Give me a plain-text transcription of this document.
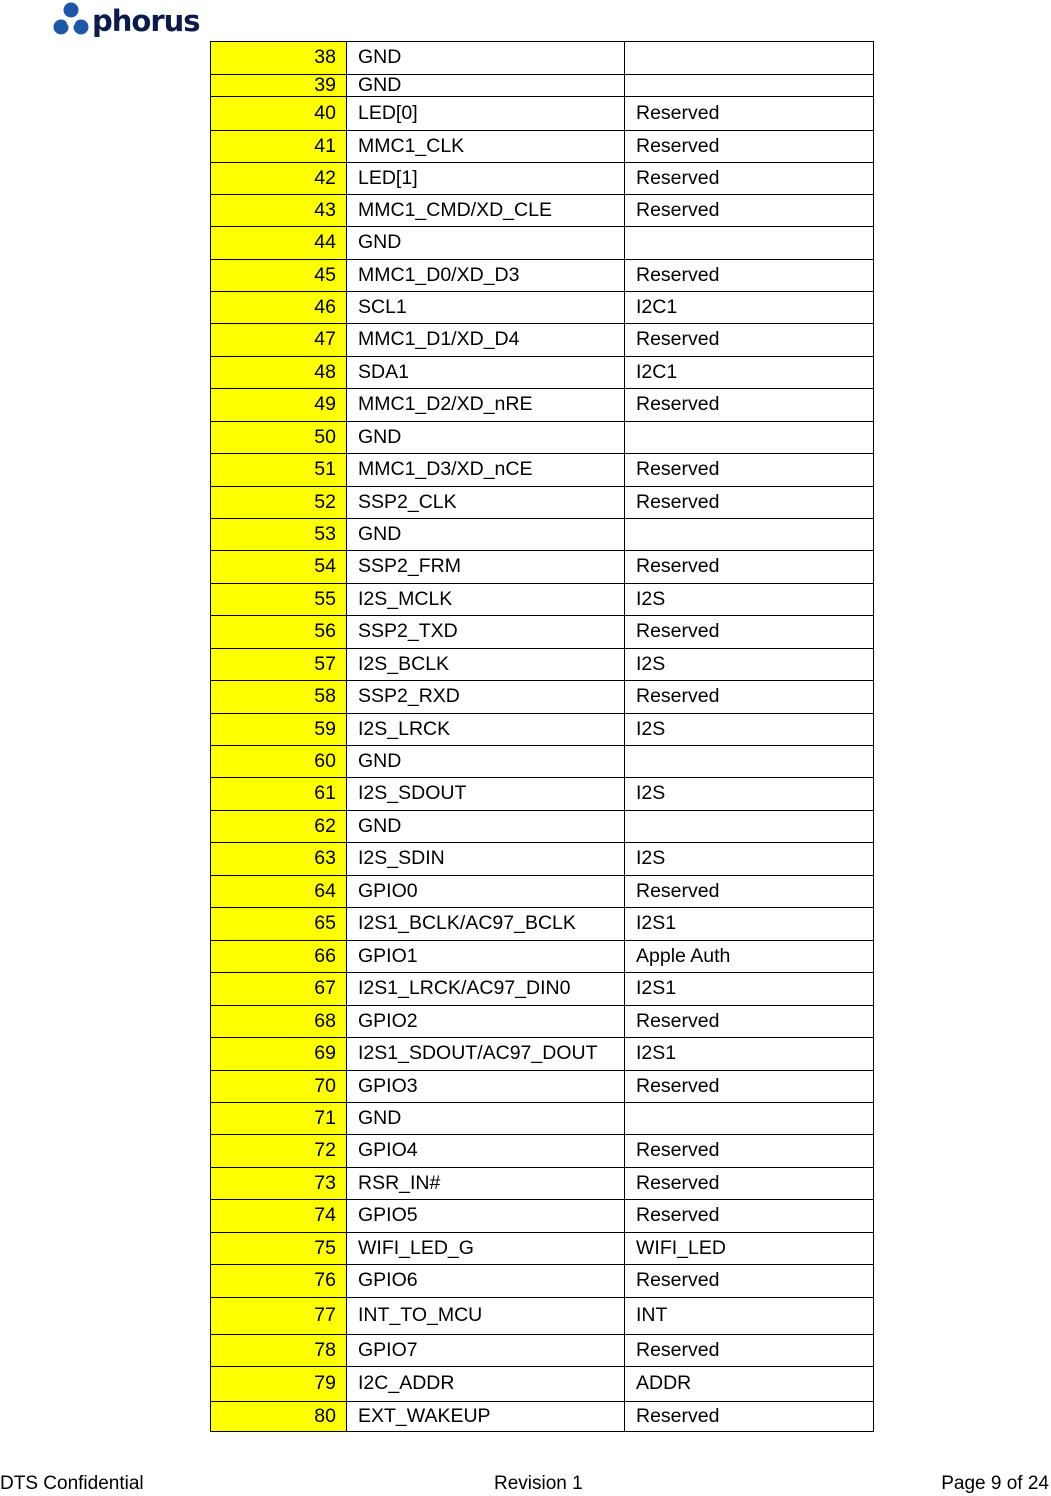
phorus
38	GND	
39	GND	
40	LED[0]	Reserved
41	MMC1_CLK	Reserved
42	LED[1]	Reserved
43	MMC1_CMD/XD_CLE	Reserved
44	GND	
45	MMC1_D0/XD_D3	Reserved
46	SCL1	I2C1
47	MMC1_D1/XD_D4	Reserved
48	SDA1	I2C1
49	MMC1_D2/XD_nRE	Reserved
50	GND	
51	MMC1_D3/XD_nCE	Reserved
52	SSP2_CLK	Reserved
53	GND	
54	SSP2_FRM	Reserved
55	I2S_MCLK	I2S
56	SSP2_TXD	Reserved
57	I2S_BCLK	I2S
58	SSP2_RXD	Reserved
59	I2S_LRCK	I2S
60	GND	
61	I2S_SDOUT	I2S
62	GND	
63	I2S_SDIN	I2S
64	GPIO0	Reserved
65	I2S1_BCLK/AC97_BCLK	I2S1
66	GPIO1	Apple Auth
67	I2S1_LRCK/AC97_DIN0	I2S1
68	GPIO2	Reserved
69	I2S1_SDOUT/AC97_DOUT	I2S1
70	GPIO3	Reserved
71	GND	
72	GPIO4	Reserved
73	RSR_IN#	Reserved
74	GPIO5	Reserved
75	WIFI_LED_G	WIFI_LED
76	GPIO6	Reserved
77	INT_TO_MCU	INT
78	GPIO7	Reserved
79	I2C_ADDR	ADDR
80	EXT_WAKEUP	Reserved
DTS Confidential	Revision 1	Page 9 of 24
